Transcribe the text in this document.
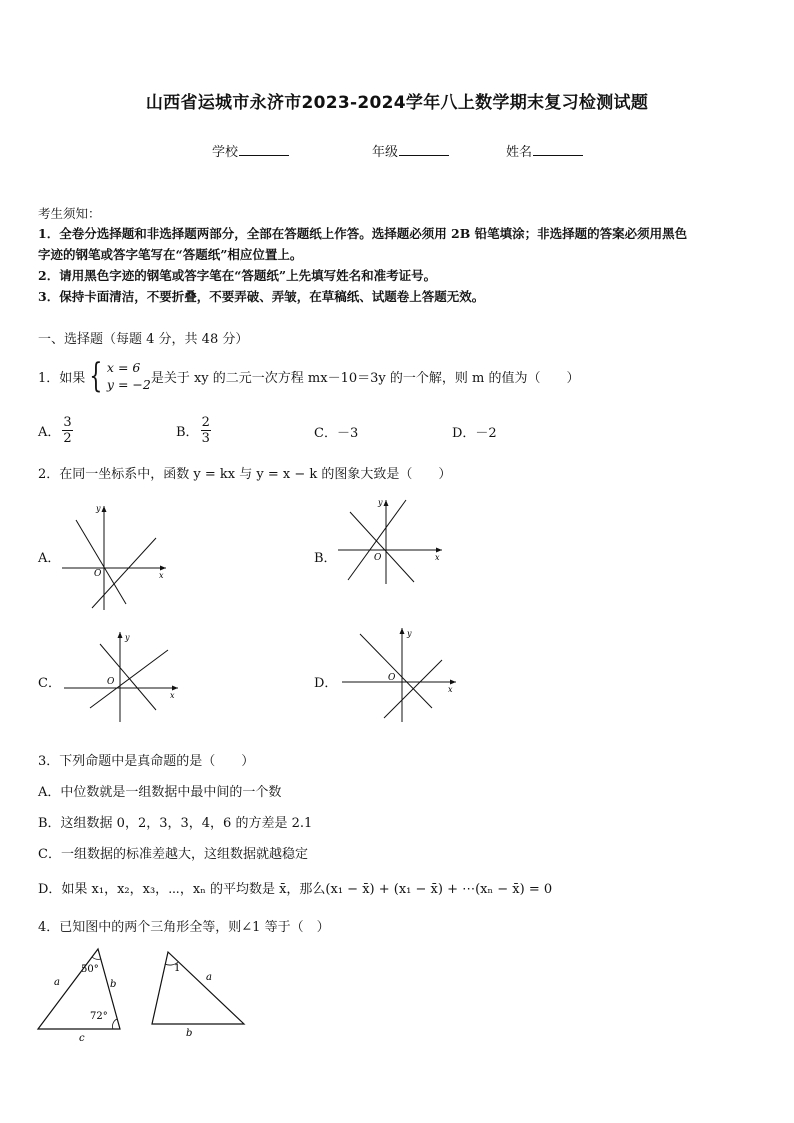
山西省运城市永济市2023-2024学年八上数学期末复习检测试题
学校	年级	姓名
考生须知：
1．全卷分选择题和非选择题两部分，全部在答题纸上作答。选择题必须用 2B 铅笔填涂；非选择题的答案必须用黑色
字迹的钢笔或答字笔写在“答题纸”相应位置上。
2．请用黑色字迹的钢笔或答字笔在“答题纸”上先填写姓名和准考证号。
3．保持卡面清洁，不要折叠，不要弄破、弄皱，在草稿纸、试题卷上答题无效。
一、选择题（每题 4 分，共 48 分）
1．如果 { x = 6
y = −2 是关于 xy 的二元一次方程 mx－10＝3y 的一个解，则 m 的值为（　　）
A． $\frac{3}{2}$	B． $\frac{2}{3}$	C．－3	D．－2
2．在同一坐标系中，函数 y = kx 与 y = x − k 的图象大致是（　　）
A．
x
y
O
B．	x
y
O
C．
x
y
O	D．	x
y
O
3．下列命题中是真命题的是（　　）
A．中位数就是一组数据中最中间的一个数
B．这组数据 0，2，3，3，4，6 的方差是 2.1
C．一组数据的标准差越大，这组数据就越稳定
D．如果 x₁，x₂，x₃，⋯，xₙ 的平均数是 x̄，那么(x₁ − x̄) + (x₁ − x̄) + ⋯(xₙ − x̄) = 0
4．已知图中的两个三角形全等，则∠1 等于（　）
50°
72°
a	b
c
1
a
b
